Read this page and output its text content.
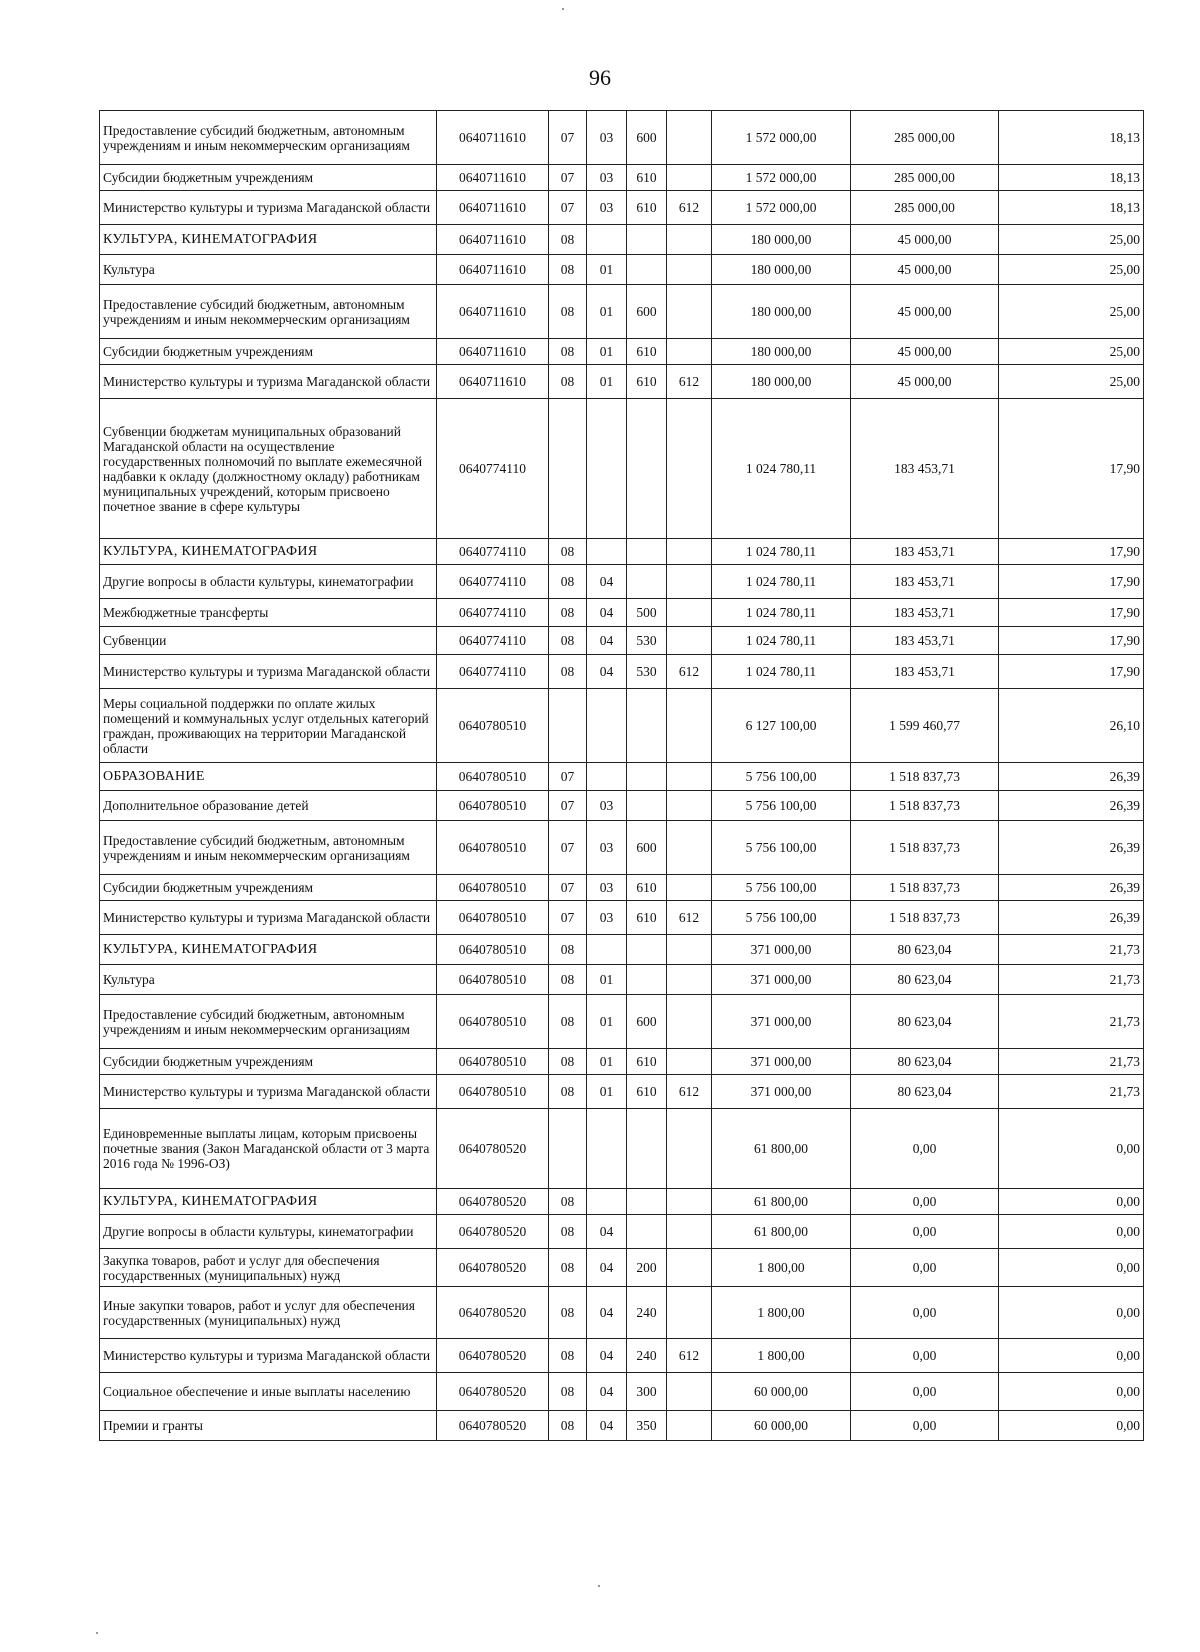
96
Предоставление субсидий бюджетным, автономным учреждениям и иным некоммерческим организациям	0640711610	07	03	600		1 572 000,00	285 000,00	18,13
Субсидии бюджетным учреждениям	0640711610	07	03	610		1 572 000,00	285 000,00	18,13
Министерство культуры и туризма Магаданской области	0640711610	07	03	610	612	1 572 000,00	285 000,00	18,13
КУЛЬТУРА, КИНЕМАТОГРАФИЯ	0640711610	08				180 000,00	45 000,00	25,00
Культура	0640711610	08	01			180 000,00	45 000,00	25,00
Предоставление субсидий бюджетным, автономным учреждениям и иным некоммерческим организациям	0640711610	08	01	600		180 000,00	45 000,00	25,00
Субсидии бюджетным учреждениям	0640711610	08	01	610		180 000,00	45 000,00	25,00
Министерство культуры и туризма Магаданской области	0640711610	08	01	610	612	180 000,00	45 000,00	25,00
Субвенции бюджетам муниципальных образований Магаданской области на осуществление государственных полномочий по выплате ежемесячной надбавки к окладу (должностному окладу) работникам муниципальных учреждений, которым присвоено почетное звание в сфере культуры	0640774110					1 024 780,11	183 453,71	17,90
КУЛЬТУРА, КИНЕМАТОГРАФИЯ	0640774110	08				1 024 780,11	183 453,71	17,90
Другие вопросы в области культуры, кинематографии	0640774110	08	04			1 024 780,11	183 453,71	17,90
Межбюджетные трансферты	0640774110	08	04	500		1 024 780,11	183 453,71	17,90
Субвенции	0640774110	08	04	530		1 024 780,11	183 453,71	17,90
Министерство культуры и туризма Магаданской области	0640774110	08	04	530	612	1 024 780,11	183 453,71	17,90
Меры социальной поддержки по оплате жилых помещений и коммунальных услуг отдельных категорий граждан, проживающих на территории Магаданской области	0640780510					6 127 100,00	1 599 460,77	26,10
ОБРАЗОВАНИЕ	0640780510	07				5 756 100,00	1 518 837,73	26,39
Дополнительное образование детей	0640780510	07	03			5 756 100,00	1 518 837,73	26,39
Предоставление субсидий бюджетным, автономным учреждениям и иным некоммерческим организациям	0640780510	07	03	600		5 756 100,00	1 518 837,73	26,39
Субсидии бюджетным учреждениям	0640780510	07	03	610		5 756 100,00	1 518 837,73	26,39
Министерство культуры и туризма Магаданской области	0640780510	07	03	610	612	5 756 100,00	1 518 837,73	26,39
КУЛЬТУРА, КИНЕМАТОГРАФИЯ	0640780510	08				371 000,00	80 623,04	21,73
Культура	0640780510	08	01			371 000,00	80 623,04	21,73
Предоставление субсидий бюджетным, автономным учреждениям и иным некоммерческим организациям	0640780510	08	01	600		371 000,00	80 623,04	21,73
Субсидии бюджетным учреждениям	0640780510	08	01	610		371 000,00	80 623,04	21,73
Министерство культуры и туризма Магаданской области	0640780510	08	01	610	612	371 000,00	80 623,04	21,73
Единовременные выплаты лицам, которым присвоены почетные звания (Закон Магаданской области от 3 марта 2016 года № 1996-ОЗ)	0640780520					61 800,00	0,00	0,00
КУЛЬТУРА, КИНЕМАТОГРАФИЯ	0640780520	08				61 800,00	0,00	0,00
Другие вопросы в области культуры, кинематографии	0640780520	08	04			61 800,00	0,00	0,00
Закупка товаров, работ и услуг для обеспечения государственных (муниципальных) нужд	0640780520	08	04	200		1 800,00	0,00	0,00
Иные закупки товаров, работ и услуг для обеспечения государственных (муниципальных) нужд	0640780520	08	04	240		1 800,00	0,00	0,00
Министерство культуры и туризма Магаданской области	0640780520	08	04	240	612	1 800,00	0,00	0,00
Социальное обеспечение и иные выплаты населению	0640780520	08	04	300		60 000,00	0,00	0,00
Премии и гранты	0640780520	08	04	350		60 000,00	0,00	0,00
